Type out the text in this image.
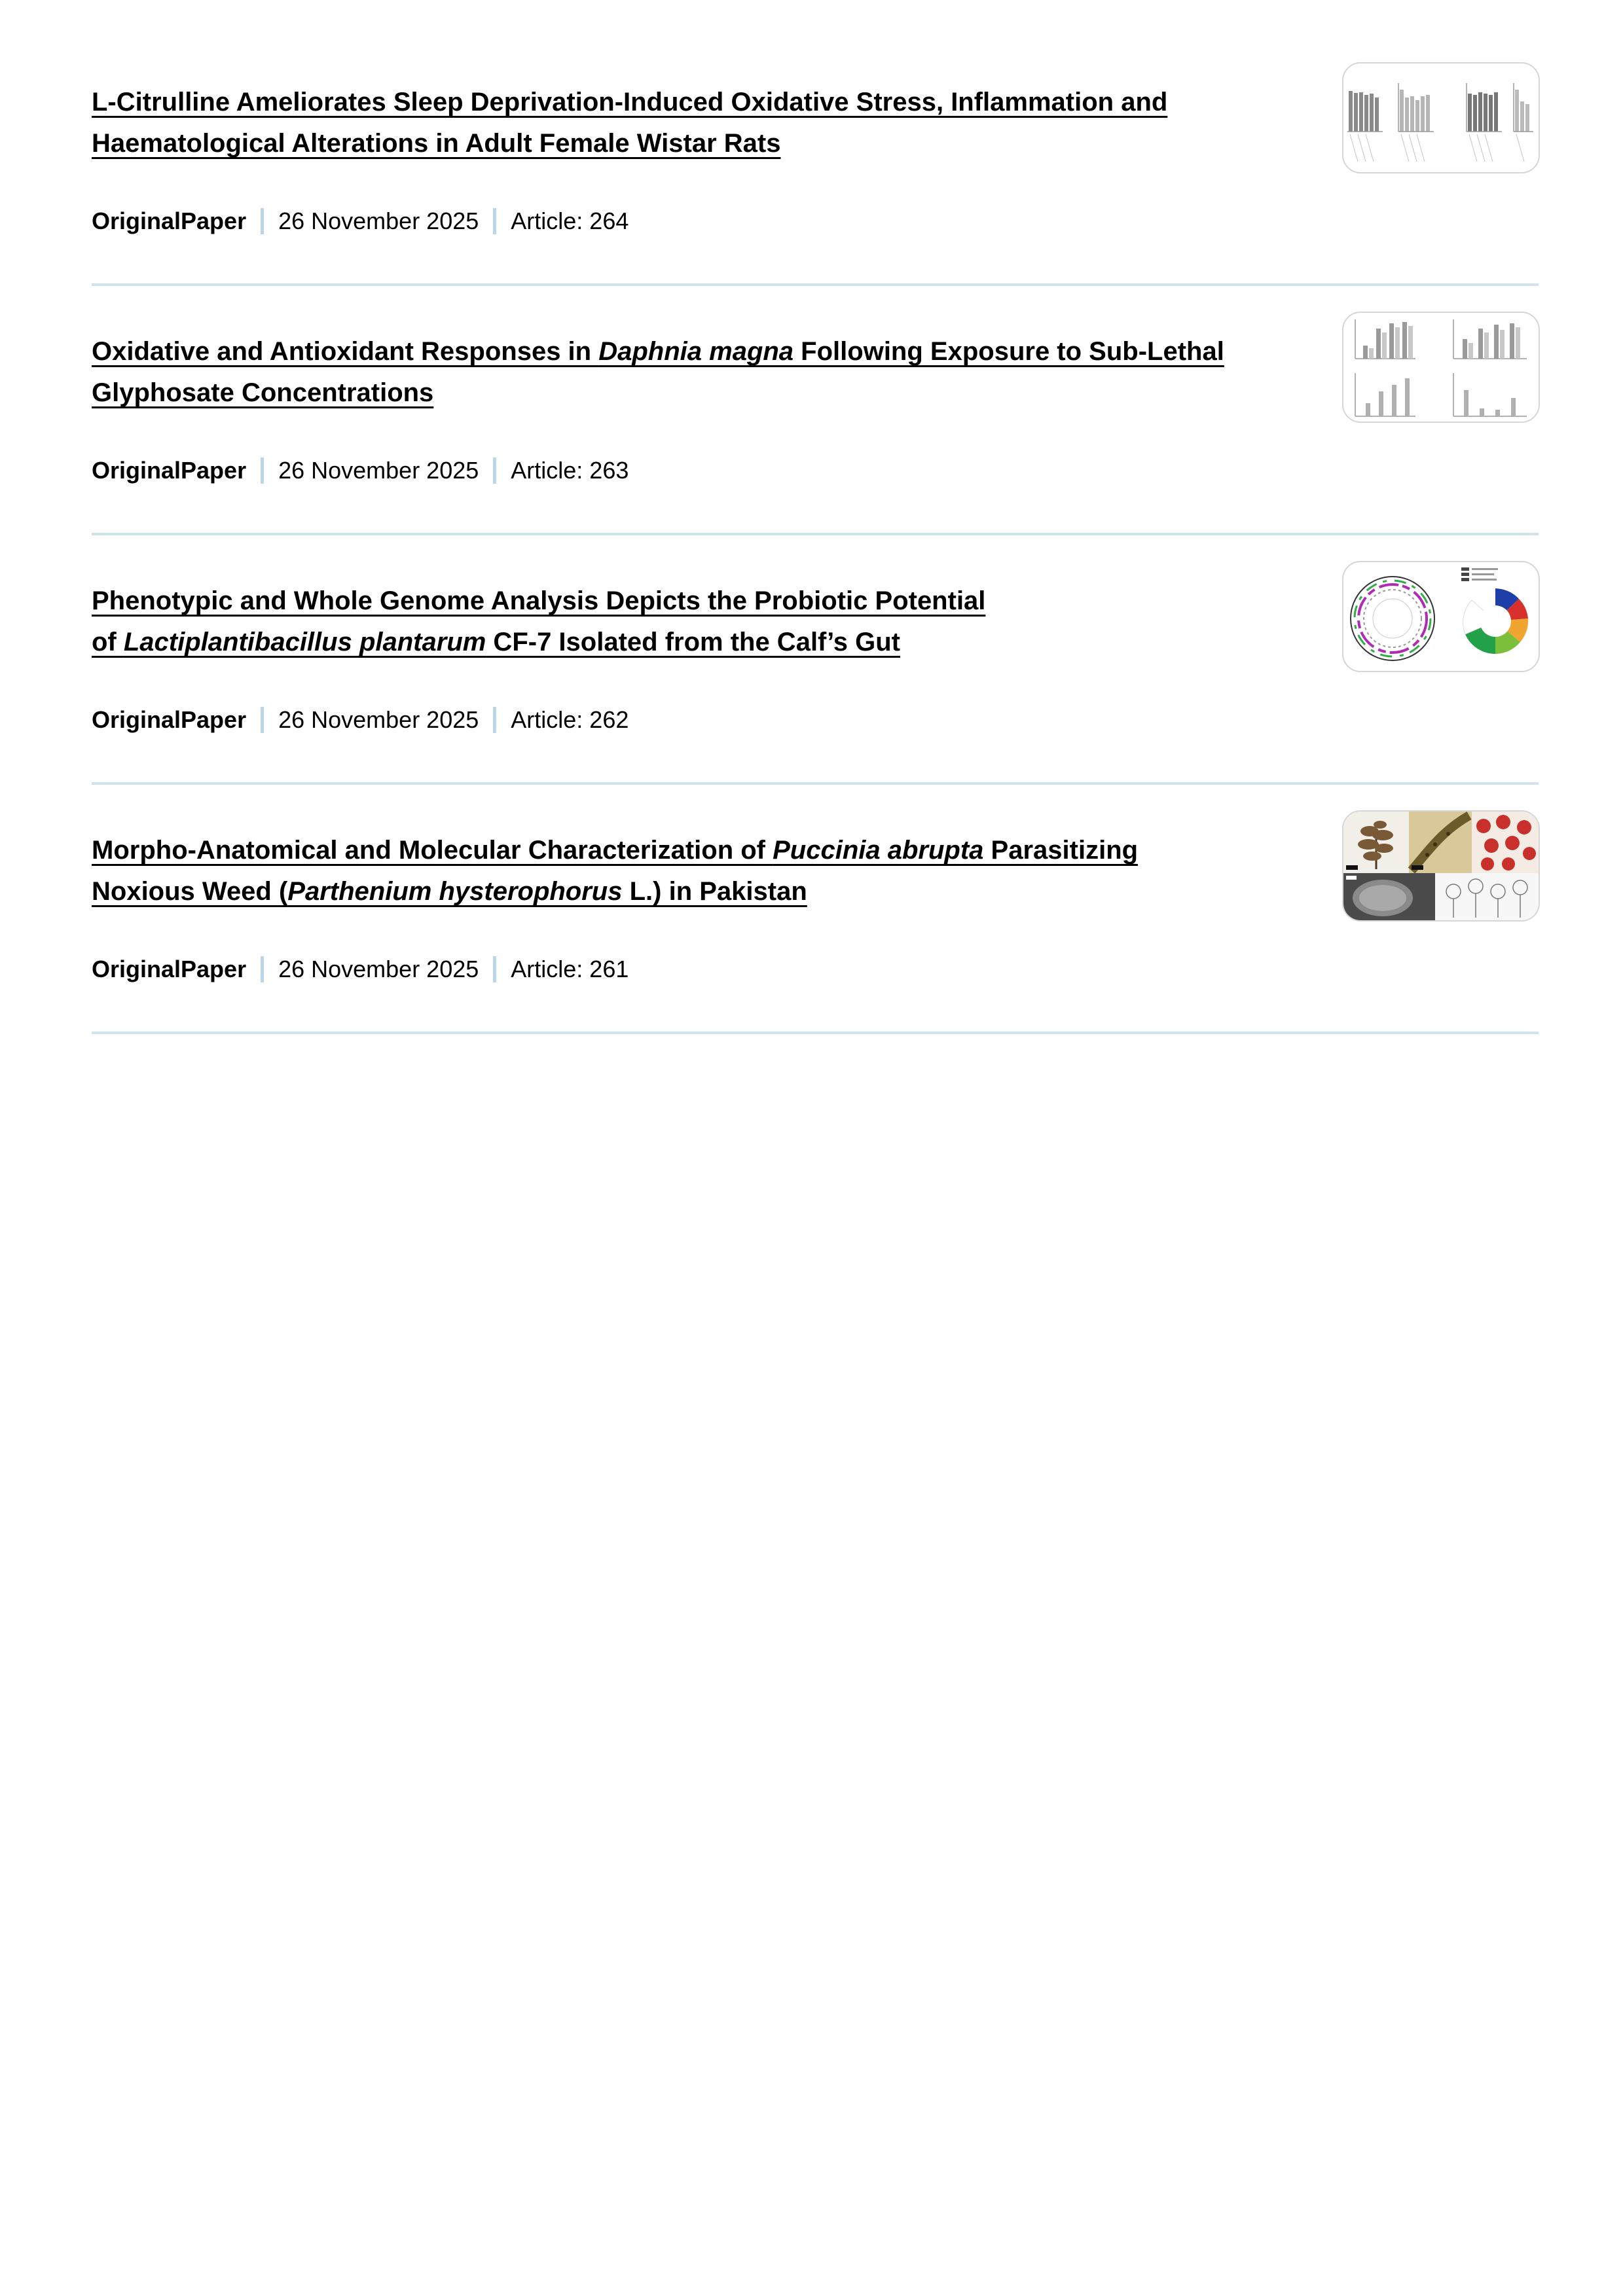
L-Citrulline Ameliorates Sleep Deprivation-Induced Oxidative Stress, Inflammation and
Haematological Alterations in Adult Female Wistar Rats
OriginalPaper 26 November 2025 Article: 264
Oxidative and Antioxidant Responses in Daphnia magna Following Exposure to Sub-Lethal
Glyphosate Concentrations
OriginalPaper 26 November 2025 Article: 263
Phenotypic and Whole Genome Analysis Depicts the Probiotic Potential
of Lactiplantibacillus plantarum CF-7 Isolated from the Calf’s Gut
OriginalPaper 26 November 2025 Article: 262
Morpho-Anatomical and Molecular Characterization of Puccinia abrupta Parasitizing
Noxious Weed (Parthenium hysterophorus L.) in Pakistan
OriginalPaper 26 November 2025 Article: 261
